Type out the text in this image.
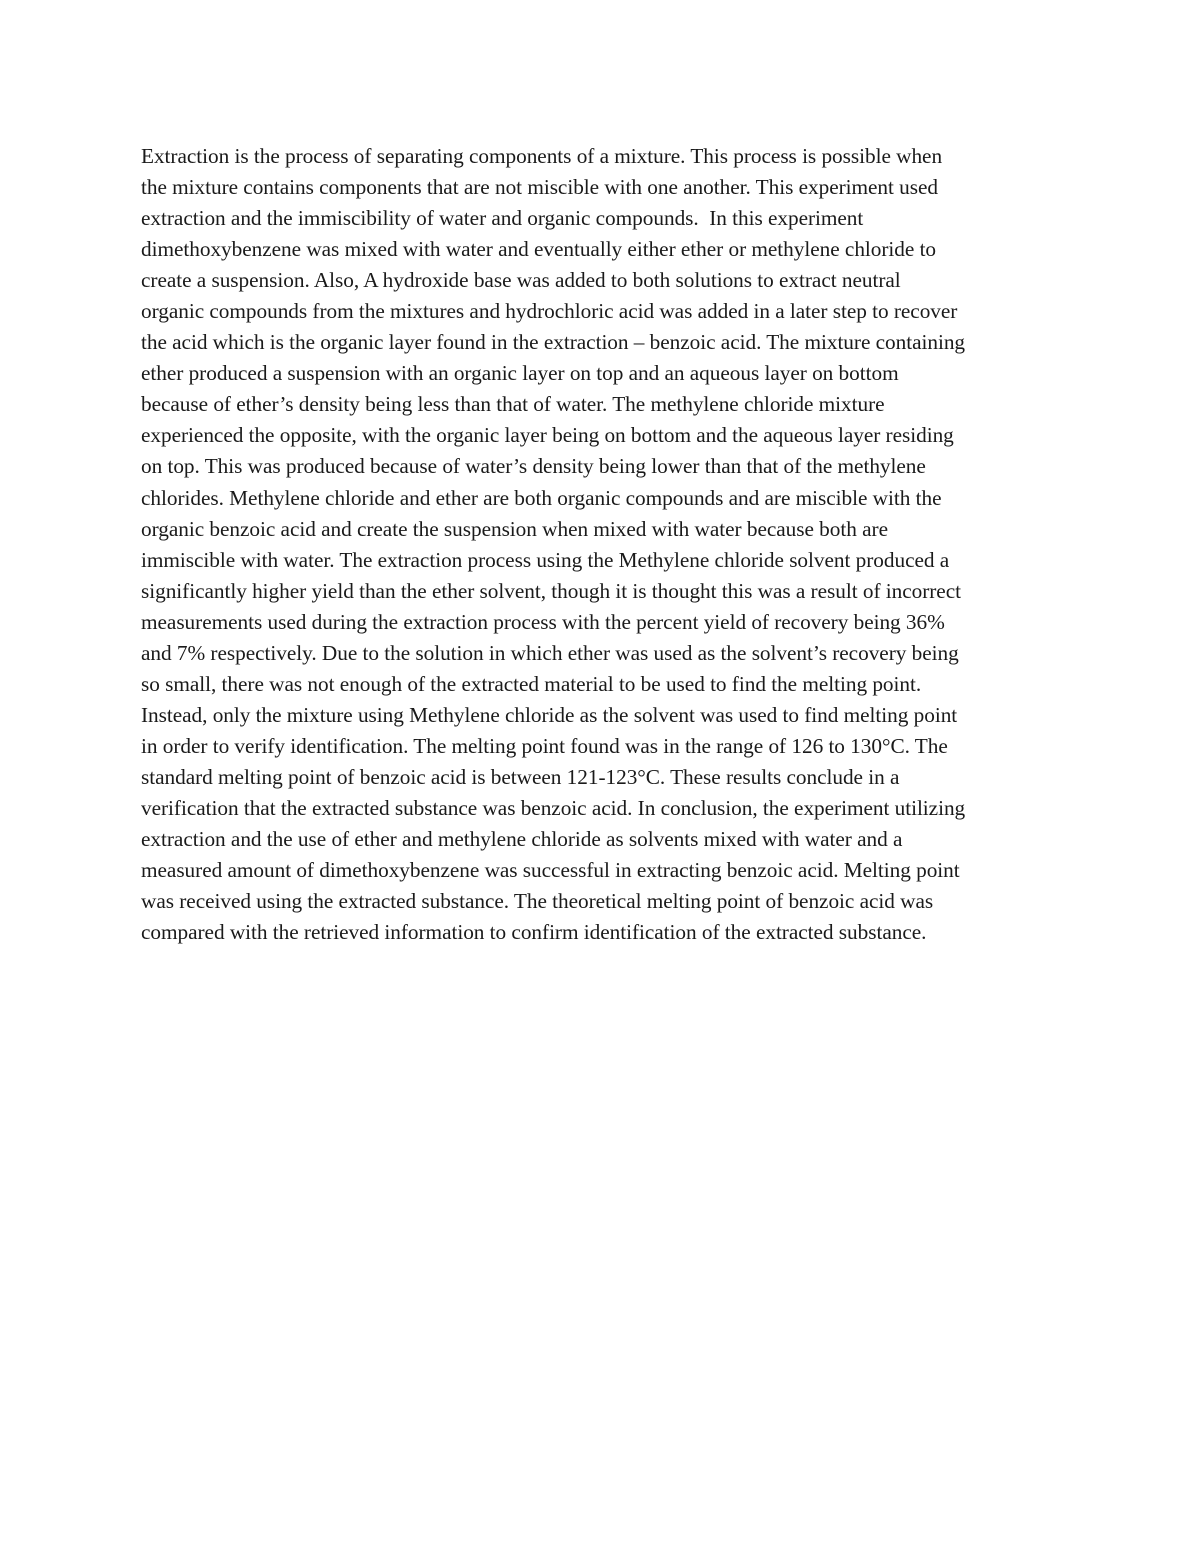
Extraction is the process of separating components of a mixture. This process is possible when
the mixture contains components that are not miscible with one another. This experiment used
extraction and the immiscibility of water and organic compounds.  In this experiment
dimethoxybenzene was mixed with water and eventually either ether or methylene chloride to
create a suspension. Also, A hydroxide base was added to both solutions to extract neutral
organic compounds from the mixtures and hydrochloric acid was added in a later step to recover
the acid which is the organic layer found in the extraction – benzoic acid. The mixture containing
ether produced a suspension with an organic layer on top and an aqueous layer on bottom
because of ether’s density being less than that of water. The methylene chloride mixture
experienced the opposite, with the organic layer being on bottom and the aqueous layer residing
on top. This was produced because of water’s density being lower than that of the methylene
chlorides. Methylene chloride and ether are both organic compounds and are miscible with the
organic benzoic acid and create the suspension when mixed with water because both are
immiscible with water. The extraction process using the Methylene chloride solvent produced a
significantly higher yield than the ether solvent, though it is thought this was a result of incorrect
measurements used during the extraction process with the percent yield of recovery being 36%
and 7% respectively. Due to the solution in which ether was used as the solvent’s recovery being
so small, there was not enough of the extracted material to be used to find the melting point.
Instead, only the mixture using Methylene chloride as the solvent was used to find melting point
in order to verify identification. The melting point found was in the range of 126 to 130°C. The
standard melting point of benzoic acid is between 121-123°C. These results conclude in a
verification that the extracted substance was benzoic acid. In conclusion, the experiment utilizing
extraction and the use of ether and methylene chloride as solvents mixed with water and a
measured amount of dimethoxybenzene was successful in extracting benzoic acid. Melting point
was received using the extracted substance. The theoretical melting point of benzoic acid was
compared with the retrieved information to confirm identification of the extracted substance.
